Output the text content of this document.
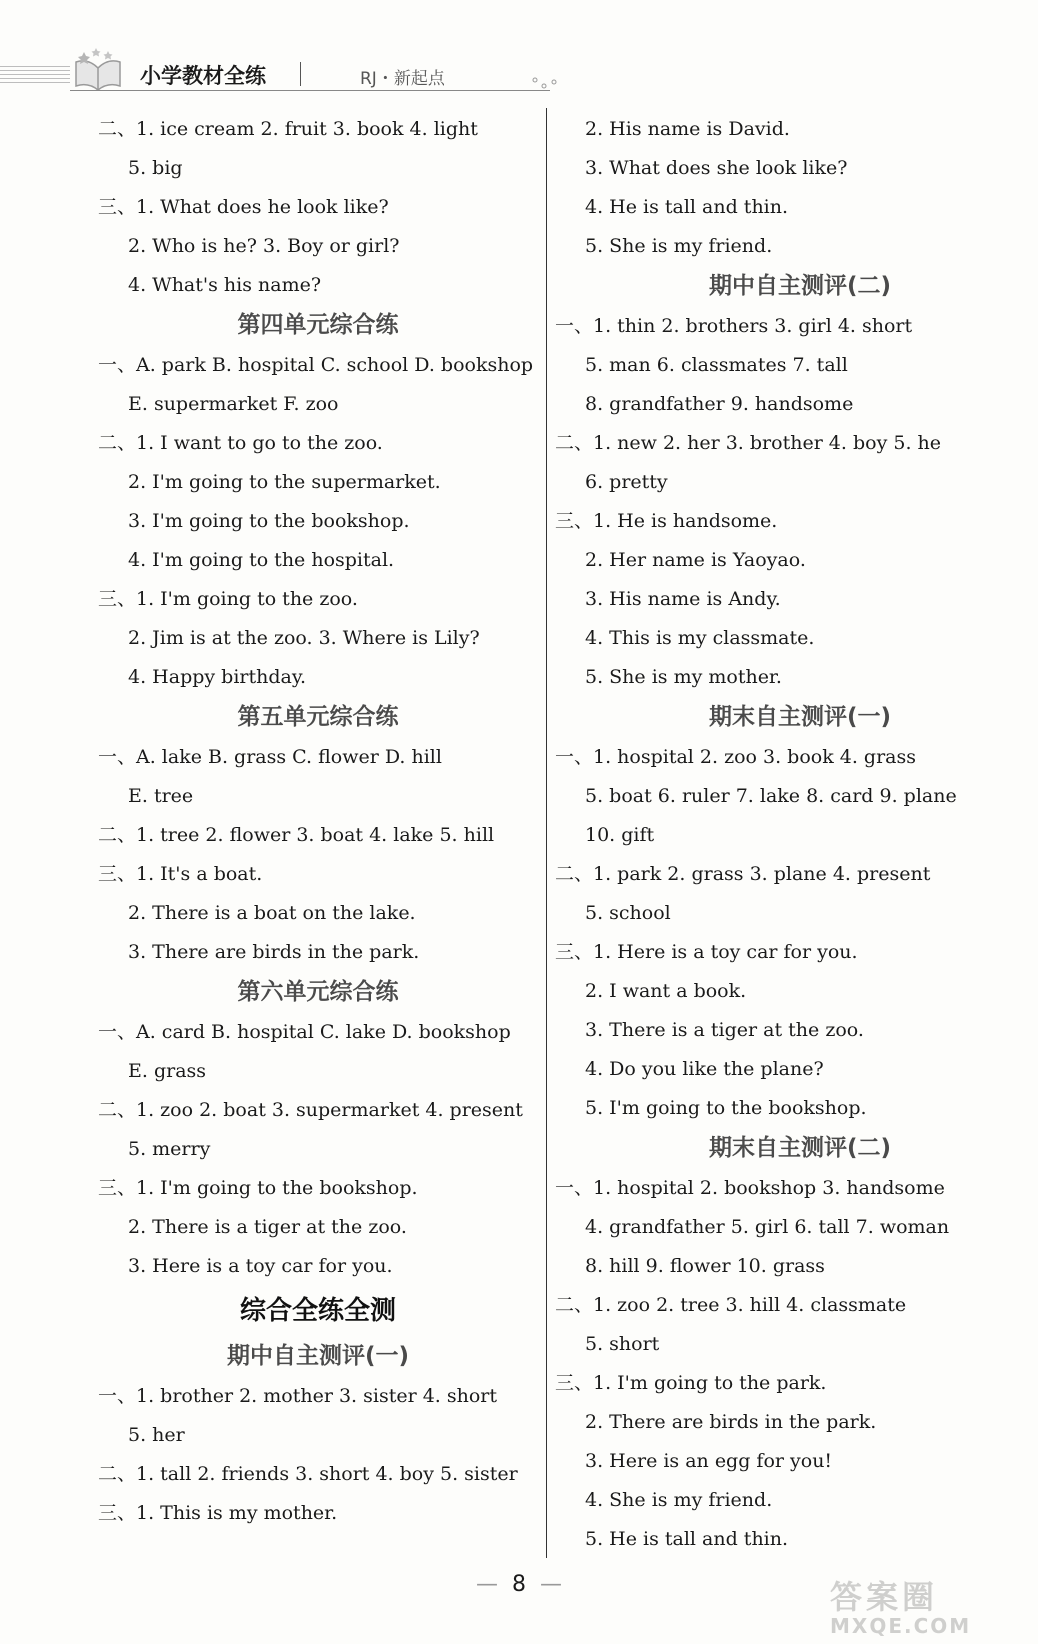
小学教材全练	RJ・新起点
二、1. ice cream 2. fruit 3. book 4. light
5. big
三、1. What does he look like?
2. Who is he? 3. Boy or girl?
4. What's his name?
第四单元综合练
一、A. park B. hospital C. school D. bookshop
E. supermarket F. zoo
二、1. I want to go to the zoo.
2. I'm going to the supermarket.
3. I'm going to the bookshop.
4. I'm going to the hospital.
三、1. I'm going to the zoo.
2. Jim is at the zoo. 3. Where is Lily?
4. Happy birthday.
第五单元综合练
一、A. lake B. grass C. flower D. hill
E. tree
二、1. tree 2. flower 3. boat 4. lake 5. hill
三、1. It's a boat.
2. There is a boat on the lake.
3. There are birds in the park.
第六单元综合练
一、A. card B. hospital C. lake D. bookshop
E. grass
二、1. zoo 2. boat 3. supermarket 4. present
5. merry
三、1. I'm going to the bookshop.
2. There is a tiger at the zoo.
3. Here is a toy car for you.
综合全练全测
期中自主测评(一)
一、1. brother 2. mother 3. sister 4. short
5. her
二、1. tall 2. friends 3. short 4. boy 5. sister
三、1. This is my mother.
2. His name is David.
3. What does she look like?
4. He is tall and thin.
5. She is my friend.
期中自主测评(二)
一、1. thin 2. brothers 3. girl 4. short
5. man 6. classmates 7. tall
8. grandfather 9. handsome
二、1. new 2. her 3. brother 4. boy 5. he
6. pretty
三、1. He is handsome.
2. Her name is Yaoyao.
3. His name is Andy.
4. This is my classmate.
5. She is my mother.
期末自主测评(一)
一、1. hospital 2. zoo 3. book 4. grass
5. boat 6. ruler 7. lake 8. card 9. plane
10. gift
二、1. park 2. grass 3. plane 4. present
5. school
三、1. Here is a toy car for you.
2. I want a book.
3. There is a tiger at the zoo.
4. Do you like the plane?
5. I'm going to the bookshop.
期末自主测评(二)
一、1. hospital 2. bookshop 3. handsome
4. grandfather 5. girl 6. tall 7. woman
8. hill 9. flower 10. grass
二、1. zoo 2. tree 3. hill 4. classmate
5. short
三、1. I'm going to the park.
2. There are birds in the park.
3. Here is an egg for you!
4. She is my friend.
5. He is tall and thin.
— 8 —	答案圈
MXQE.COM
